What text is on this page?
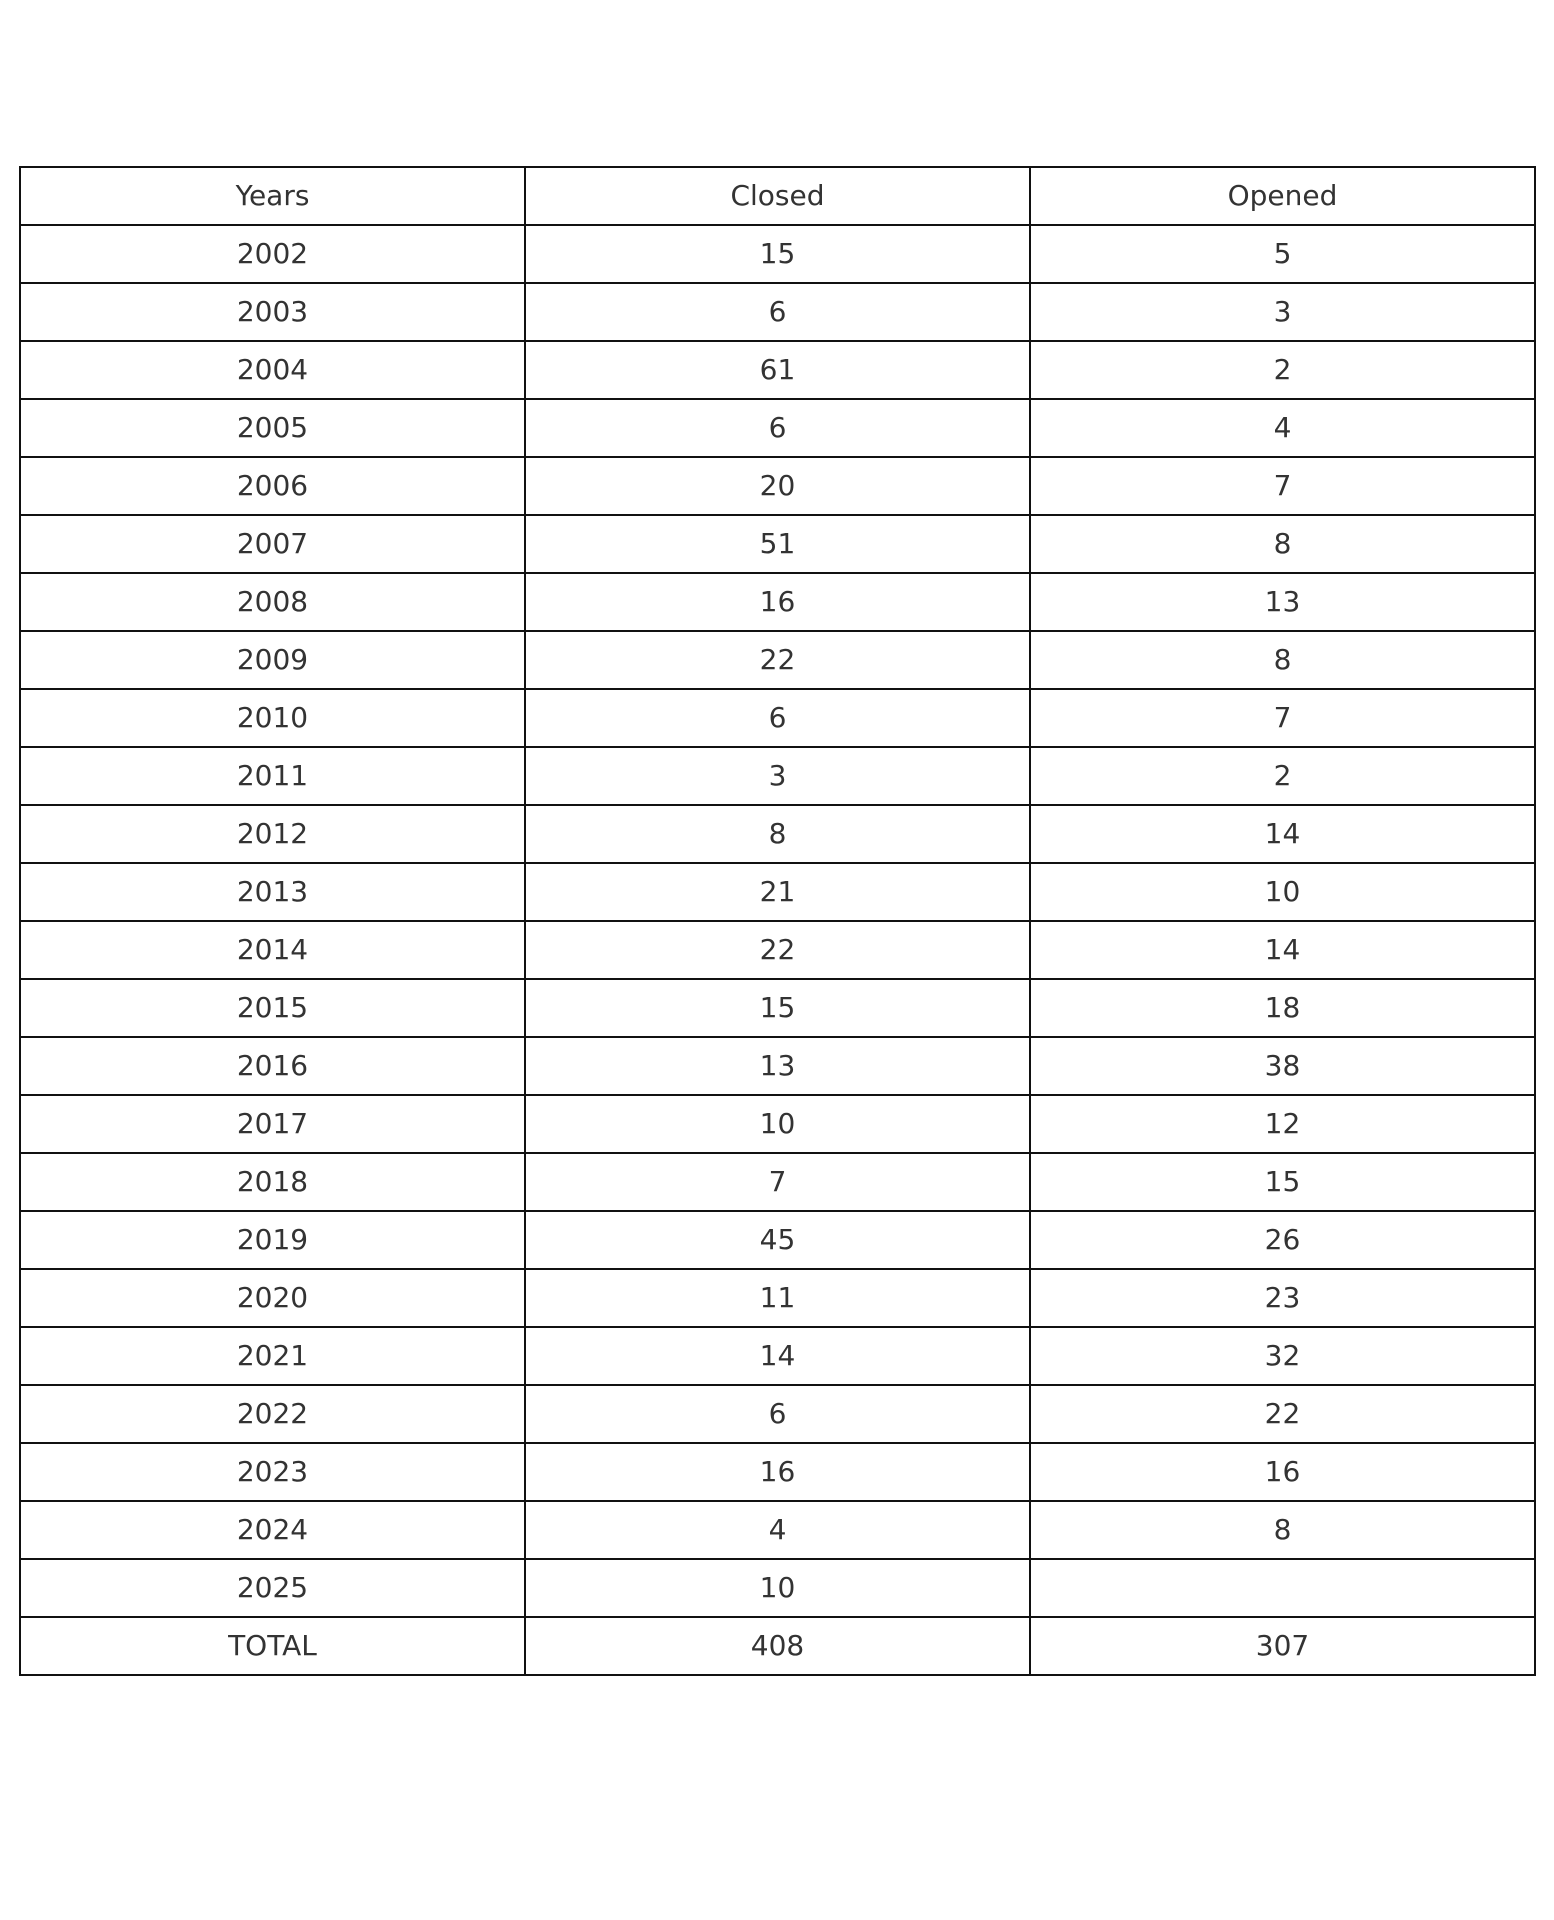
Years	Closed	Opened
2002	15	5
2003	6	3
2004	61	2
2005	6	4
2006	20	7
2007	51	8
2008	16	13
2009	22	8
2010	6	7
2011	3	2
2012	8	14
2013	21	10
2014	22	14
2015	15	18
2016	13	38
2017	10	12
2018	7	15
2019	45	26
2020	11	23
2021	14	32
2022	6	22
2023	16	16
2024	4	8
2025	10	
TOTAL	408	307
